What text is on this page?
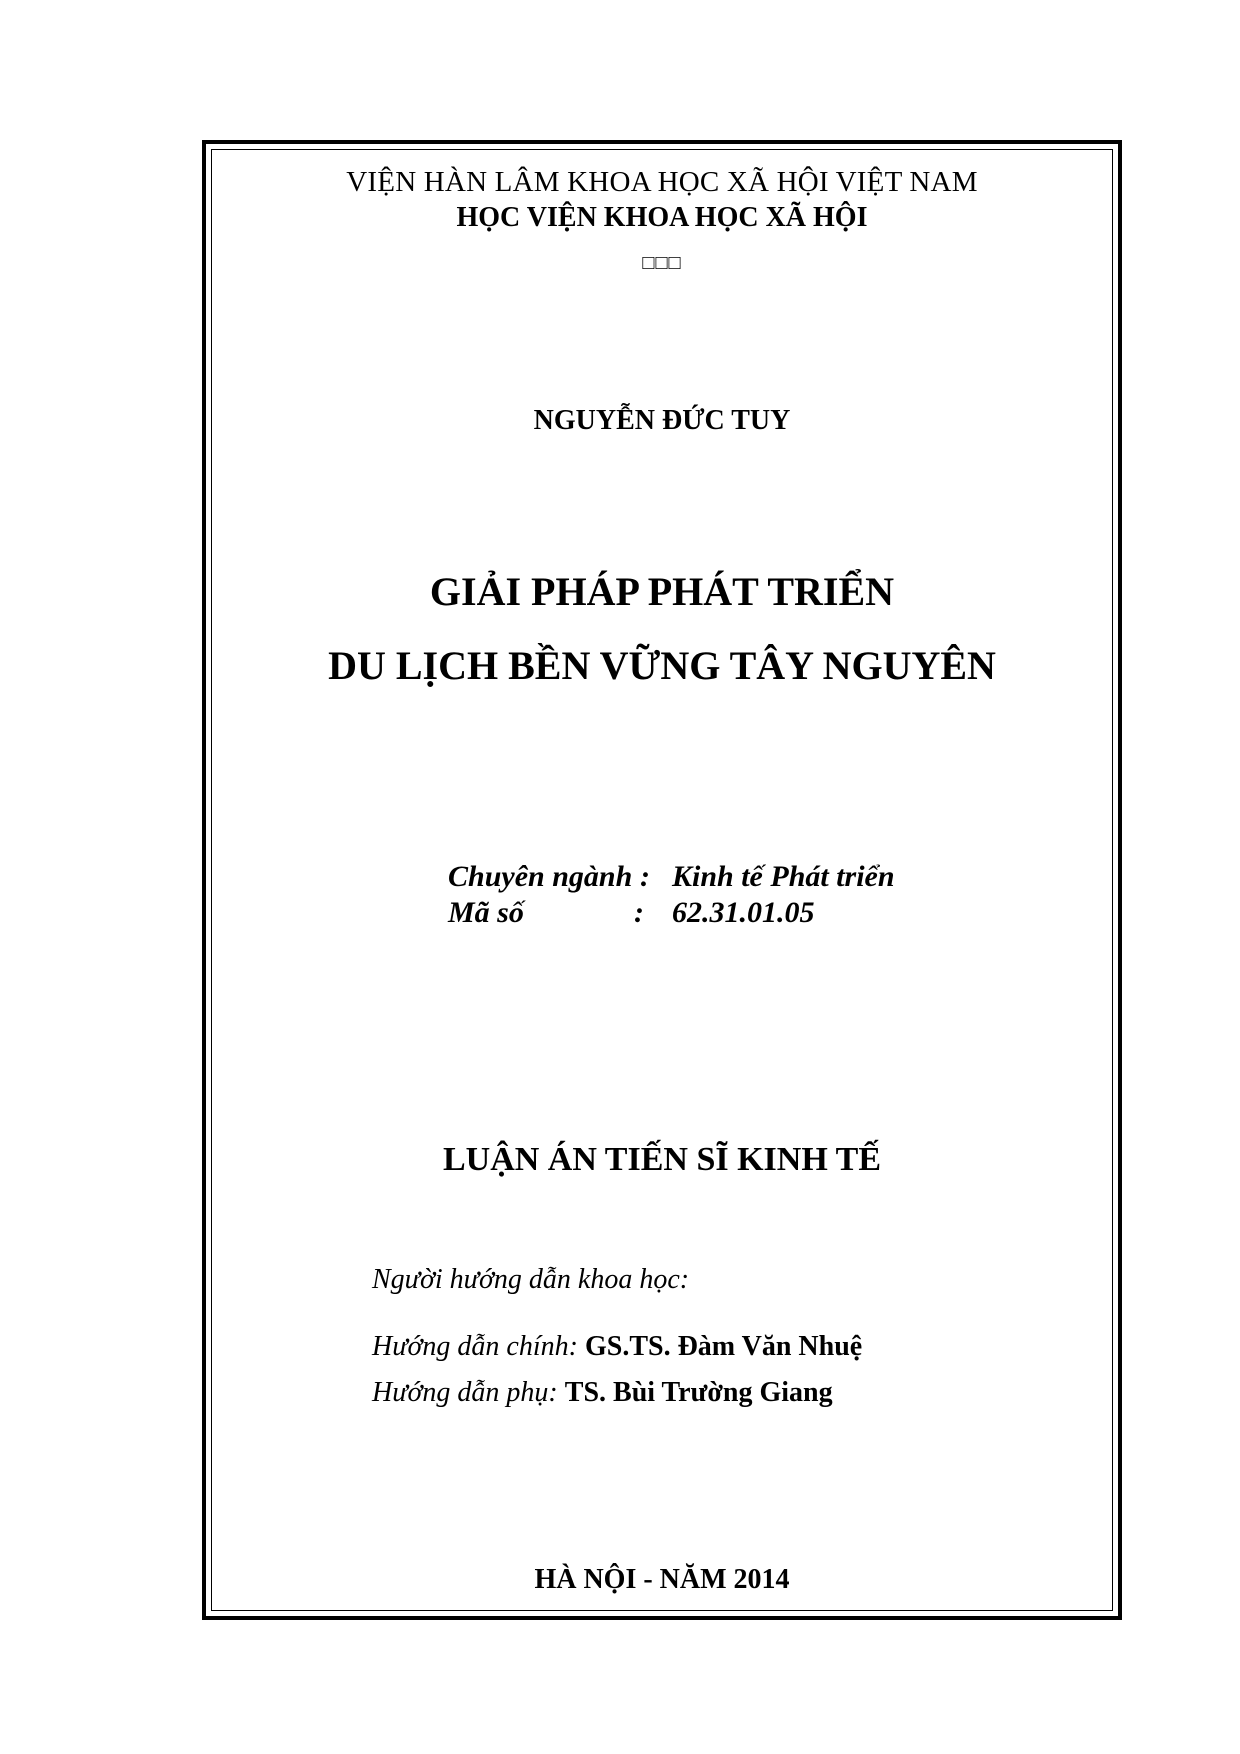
VIỆN HÀN LÂM KHOA HỌC XÃ HỘI VIỆT NAM
HỌC VIỆN KHOA HỌC XÃ HỘI
□□□
NGUYỄN ĐỨC TUY
GIẢI PHÁP PHÁT TRIỂN
DU LỊCH BỀN VỮNG TÂY NGUYÊN
Chuyên ngành : Kinh tế Phát triển
Mã số	: 62.31.01.05
LUẬN ÁN TIẾN SĨ KINH TẾ
Người hướng dẫn khoa học:
Hướng dẫn chính: GS.TS. Đàm Văn Nhuệ
Hướng dẫn phụ: TS. Bùi Trường Giang
HÀ NỘI - NĂM 2014
